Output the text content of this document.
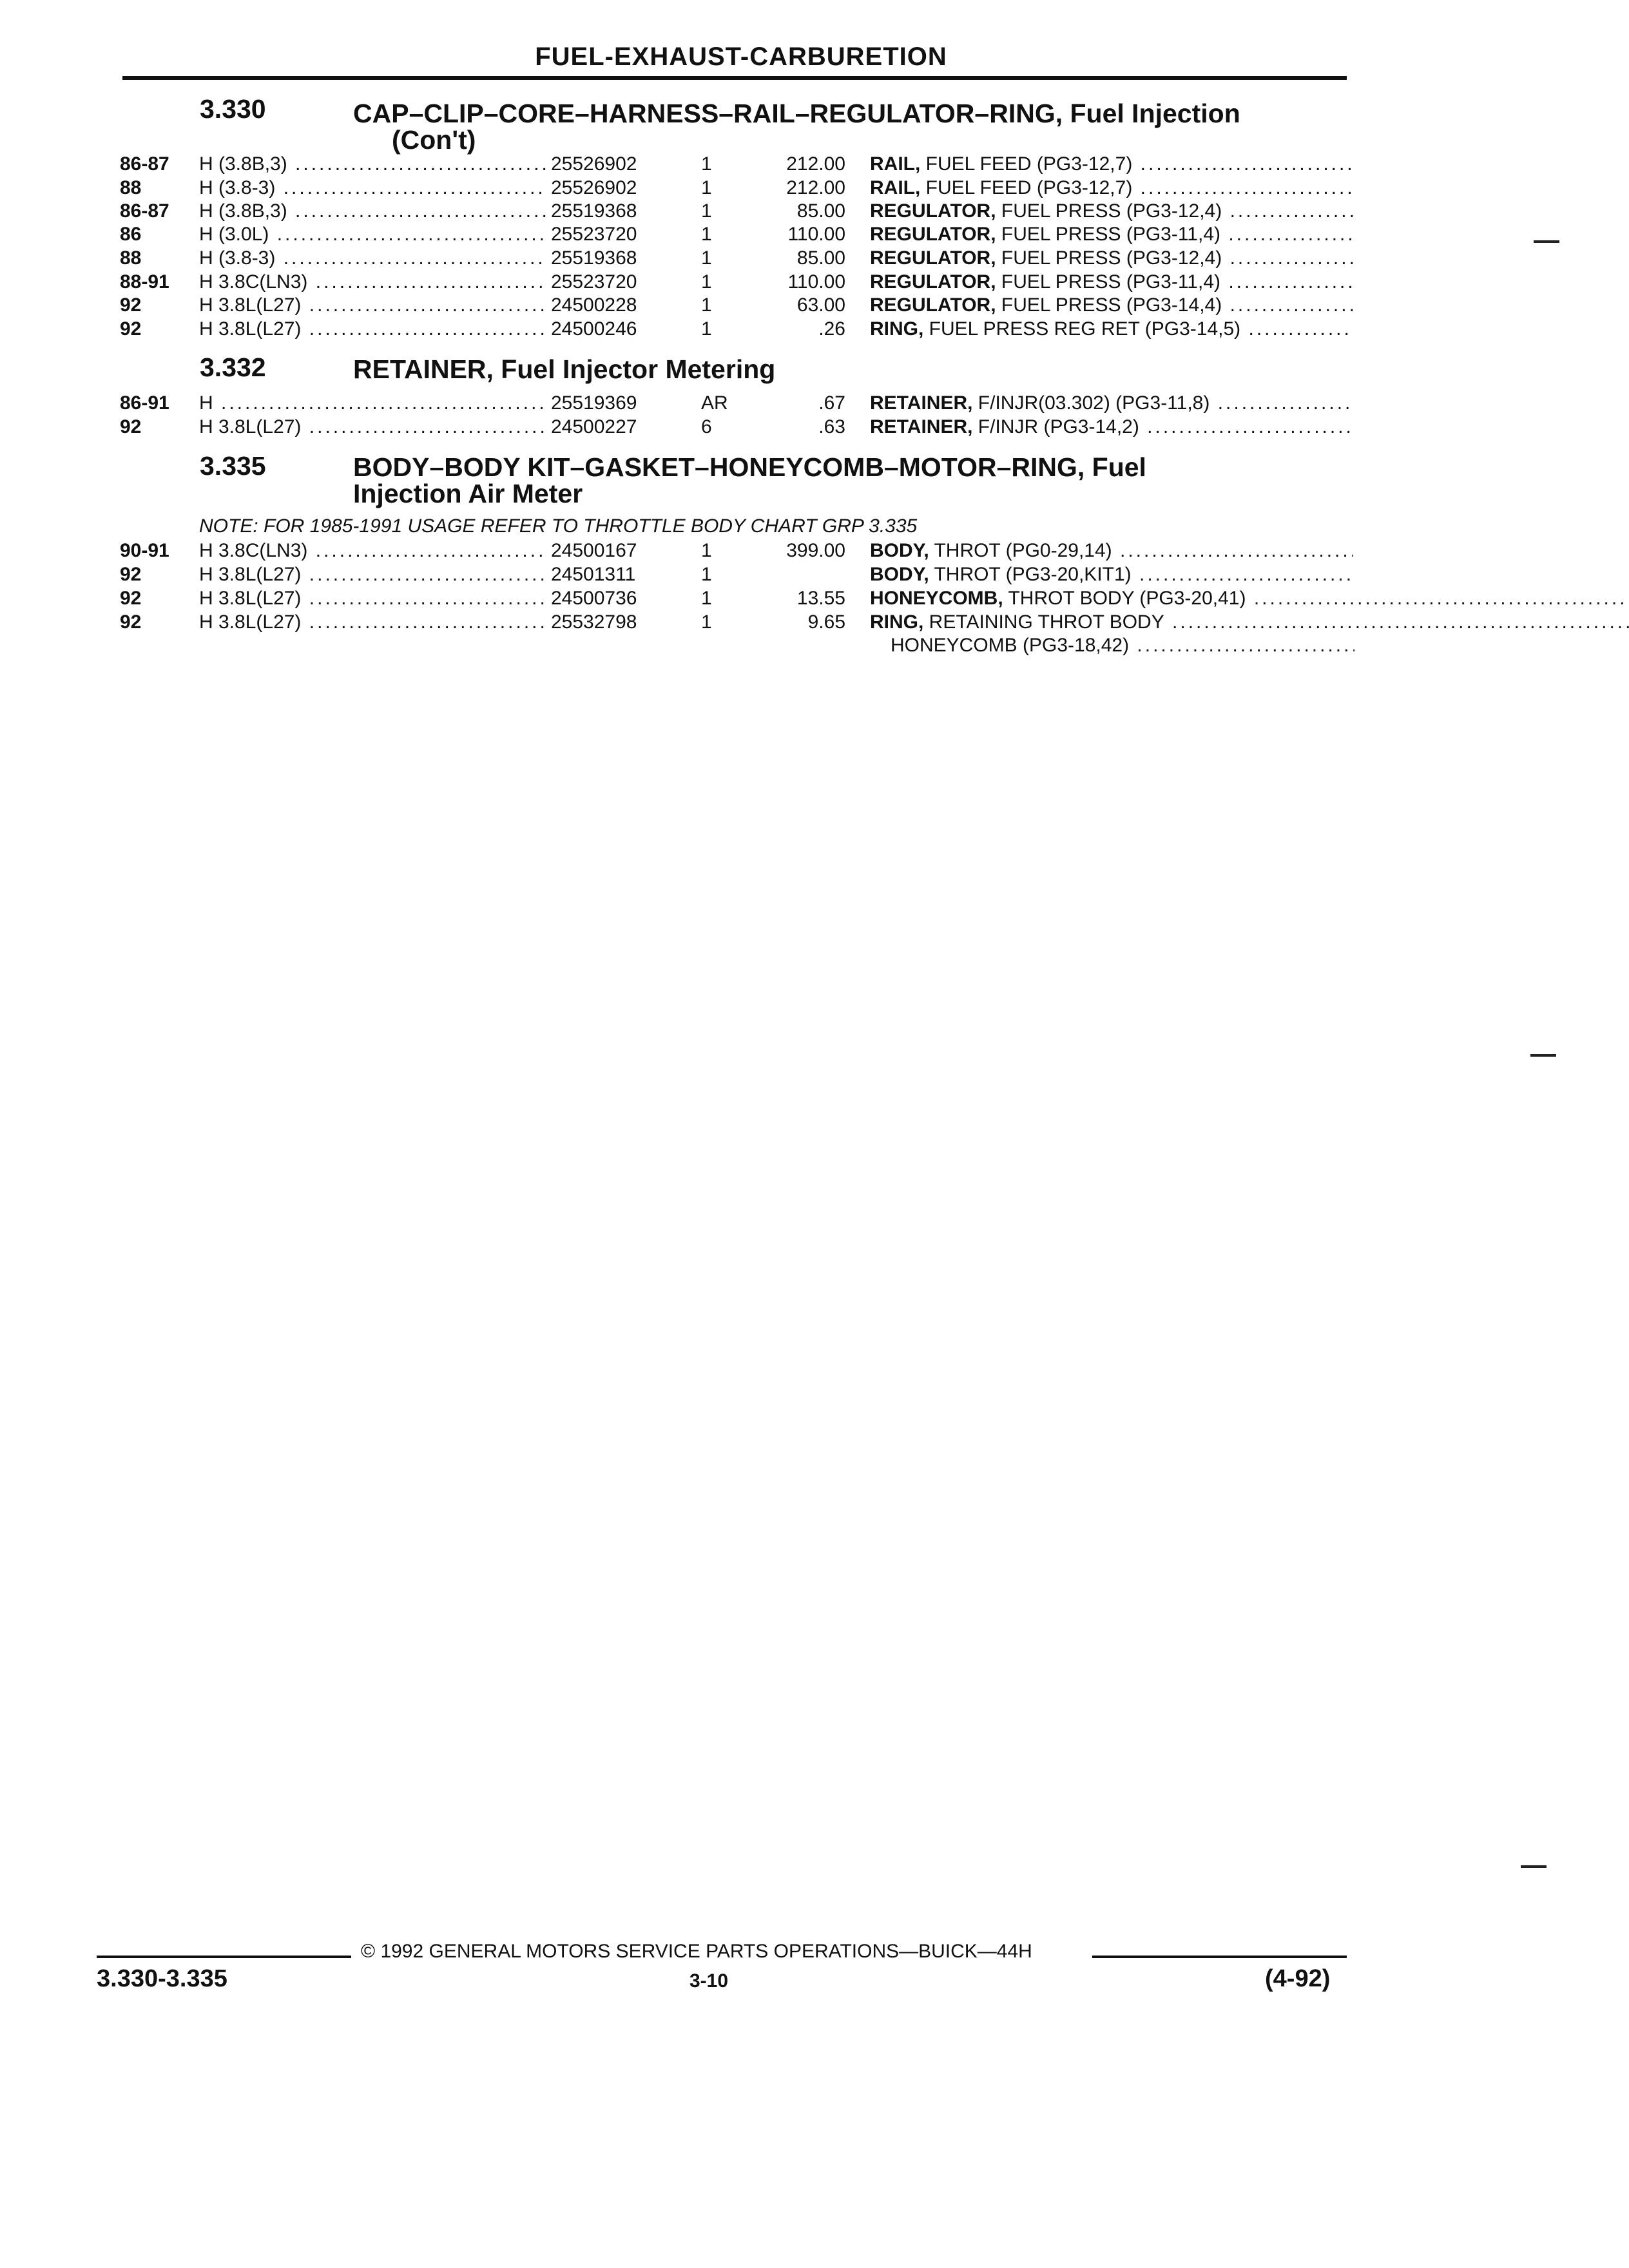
FUEL-EXHAUST-CARBURETION
3.330	CAP–CLIP–CORE–HARNESS–RAIL–REGULATOR–RING, Fuel Injection
(Con't)
86-87 H (3.8B,3) .....	25526902	1	212.00 RAIL, FUEL FEED (PG3-12,7) .....
88	H (3.8-3) .....	25526902	1	212.00 RAIL, FUEL FEED (PG3-12,7) .....
86-87 H (3.8B,3) .....	25519368	1	85.00 REGULATOR, FUEL PRESS (PG3-12,4) .....
86	H (3.0L) .....	25523720	1	110.00 REGULATOR, FUEL PRESS (PG3-11,4) .....
88	H (3.8-3) .....	25519368	1	85.00 REGULATOR, FUEL PRESS (PG3-12,4) .....
88-91 H 3.8C(LN3) .....	25523720	1	110.00 REGULATOR, FUEL PRESS (PG3-11,4) .....
92	H 3.8L(L27) .....	24500228	1	63.00 REGULATOR, FUEL PRESS (PG3-14,4) .....
92	H 3.8L(L27) .....	24500246	1	.26 RING, FUEL PRESS REG RET (PG3-14,5) .....
3.332	RETAINER, Fuel Injector Metering
86-91 H .....	25519369	AR	.67 RETAINER, F/INJR(03.302) (PG3-11,8) .....
92	H 3.8L(L27) .....	24500227	6	.63 RETAINER, F/INJR (PG3-14,2) .....
3.335	BODY–BODY KIT–GASKET–HONEYCOMB–MOTOR–RING, Fuel
Injection Air Meter
NOTE: FOR 1985-1991 USAGE REFER TO THROTTLE BODY CHART GRP 3.335
90-91 H 3.8C(LN3) .....	24500167	1	399.00 BODY, THROT (PG0-29,14) .....
92	H 3.8L(L27) .....	24501311	1	BODY, THROT (PG3-20,KIT1) .....
92	H 3.8L(L27) .....	24500736	1	13.55 HONEYCOMB, THROT BODY (PG3-20,41) .....
92	H 3.8L(L27) .....	25532798	1	9.65 RING, RETAINING THROT BODY .....
HONEYCOMB (PG3-18,42) .....
© 1992 GENERAL MOTORS SERVICE PARTS OPERATIONS—BUICK—44H
3.330-3.335	3-10	(4-92)
